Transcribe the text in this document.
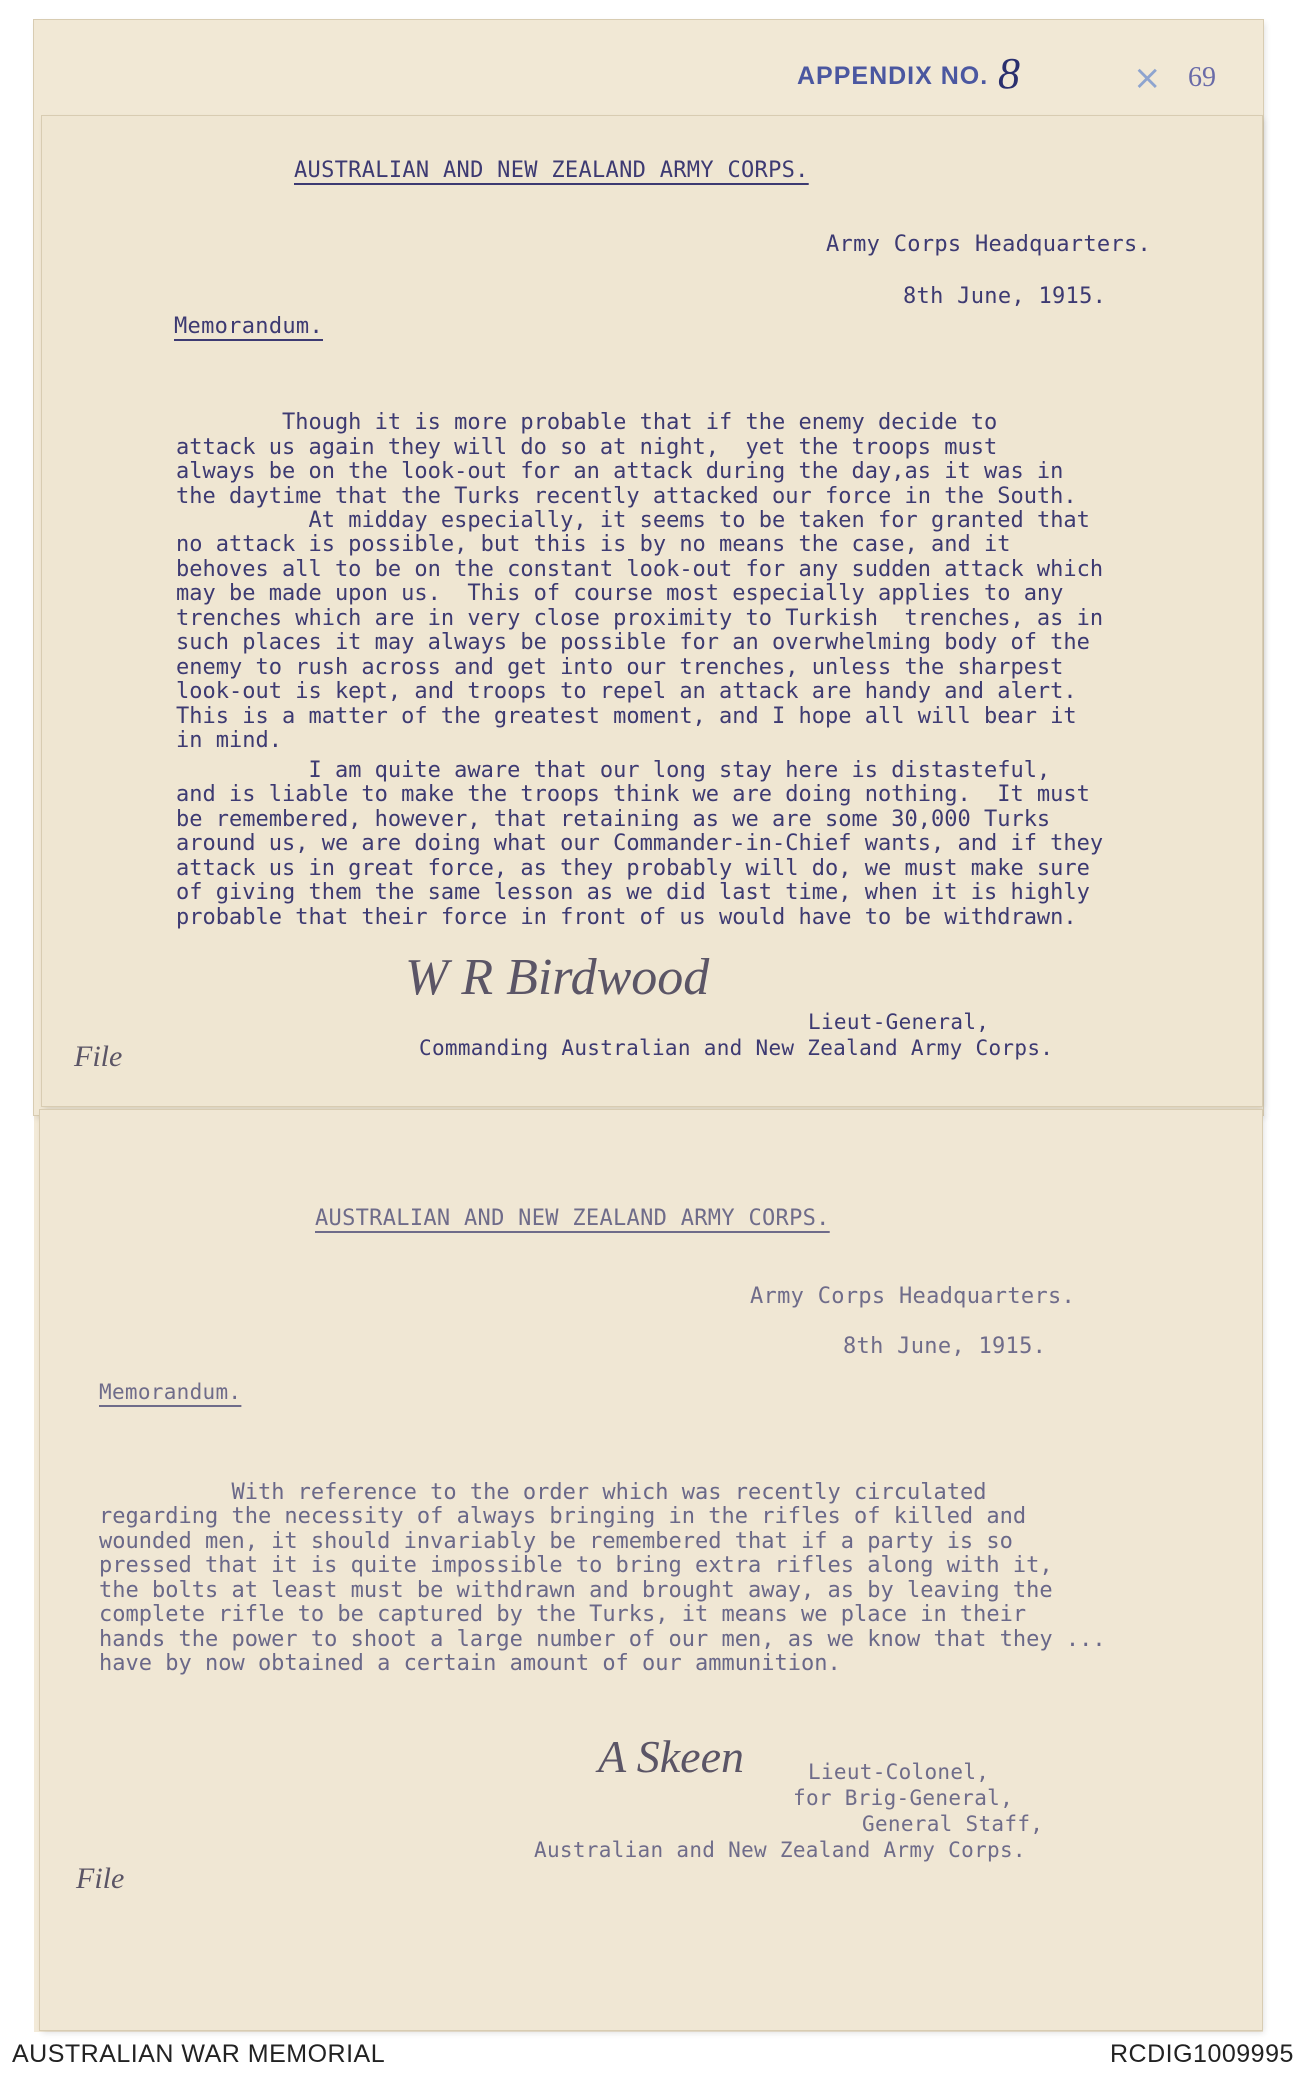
APPENDIX NO. 8	× 69
AUSTRALIAN AND NEW ZEALAND ARMY CORPS.
Army Corps Headquarters.
8th June, 1915.
Memorandum.

Though it is more probable that if the enemy decide to
attack us again they will do so at night,  yet the troops must
always be on the look-out for an attack during the day,as it was in
the daytime that the Turks recently attacked our force in the South.

At midday especially, it seems to be taken for granted that
no attack is possible, but this is by no means the case, and it
behoves all to be on the constant look-out for any sudden attack which
may be made upon us.  This of course most especially applies to any
trenches which are in very close proximity to Turkish  trenches, as in
such places it may always be possible for an overwhelming body of the
enemy to rush across and get into our trenches, unless the sharpest
look-out is kept, and troops to repel an attack are handy and alert.
This is a matter of the greatest moment, and I hope all will bear it
in mind.

I am quite aware that our long stay here is distasteful,
and is liable to make the troops think we are doing nothing.  It must
be remembered, however, that retaining as we are some 30,000 Turks
around us, we are doing what our Commander-in-Chief wants, and if they
attack us in great force, as they probably will do, we must make sure
of giving them the same lesson as we did last time, when it is highly
probable that their force in front of us would have to be withdrawn.

W R Birdwood
Lieut-General,
Commanding Australian and New Zealand Army Corps.
File
AUSTRALIAN AND NEW ZEALAND ARMY CORPS.
Army Corps Headquarters.
8th June, 1915.
Memorandum.

With reference to the order which was recently circulated
regarding the necessity of always bringing in the rifles of killed and
wounded men, it should invariably be remembered that if a party is so
pressed that it is quite impossible to bring extra rifles along with it,
the bolts at least must be withdrawn and brought away, as by leaving the
complete rifle to be captured by the Turks, it means we place in their
hands the power to shoot a large number of our men, as we know that they ...
have by now obtained a certain amount of our ammunition.

A Skeen	Lieut-Colonel,
for Brig-General,
General Staff,
Australian and New Zealand Army Corps.
File
AUSTRALIAN WAR MEMORIAL	RCDIG1009995
